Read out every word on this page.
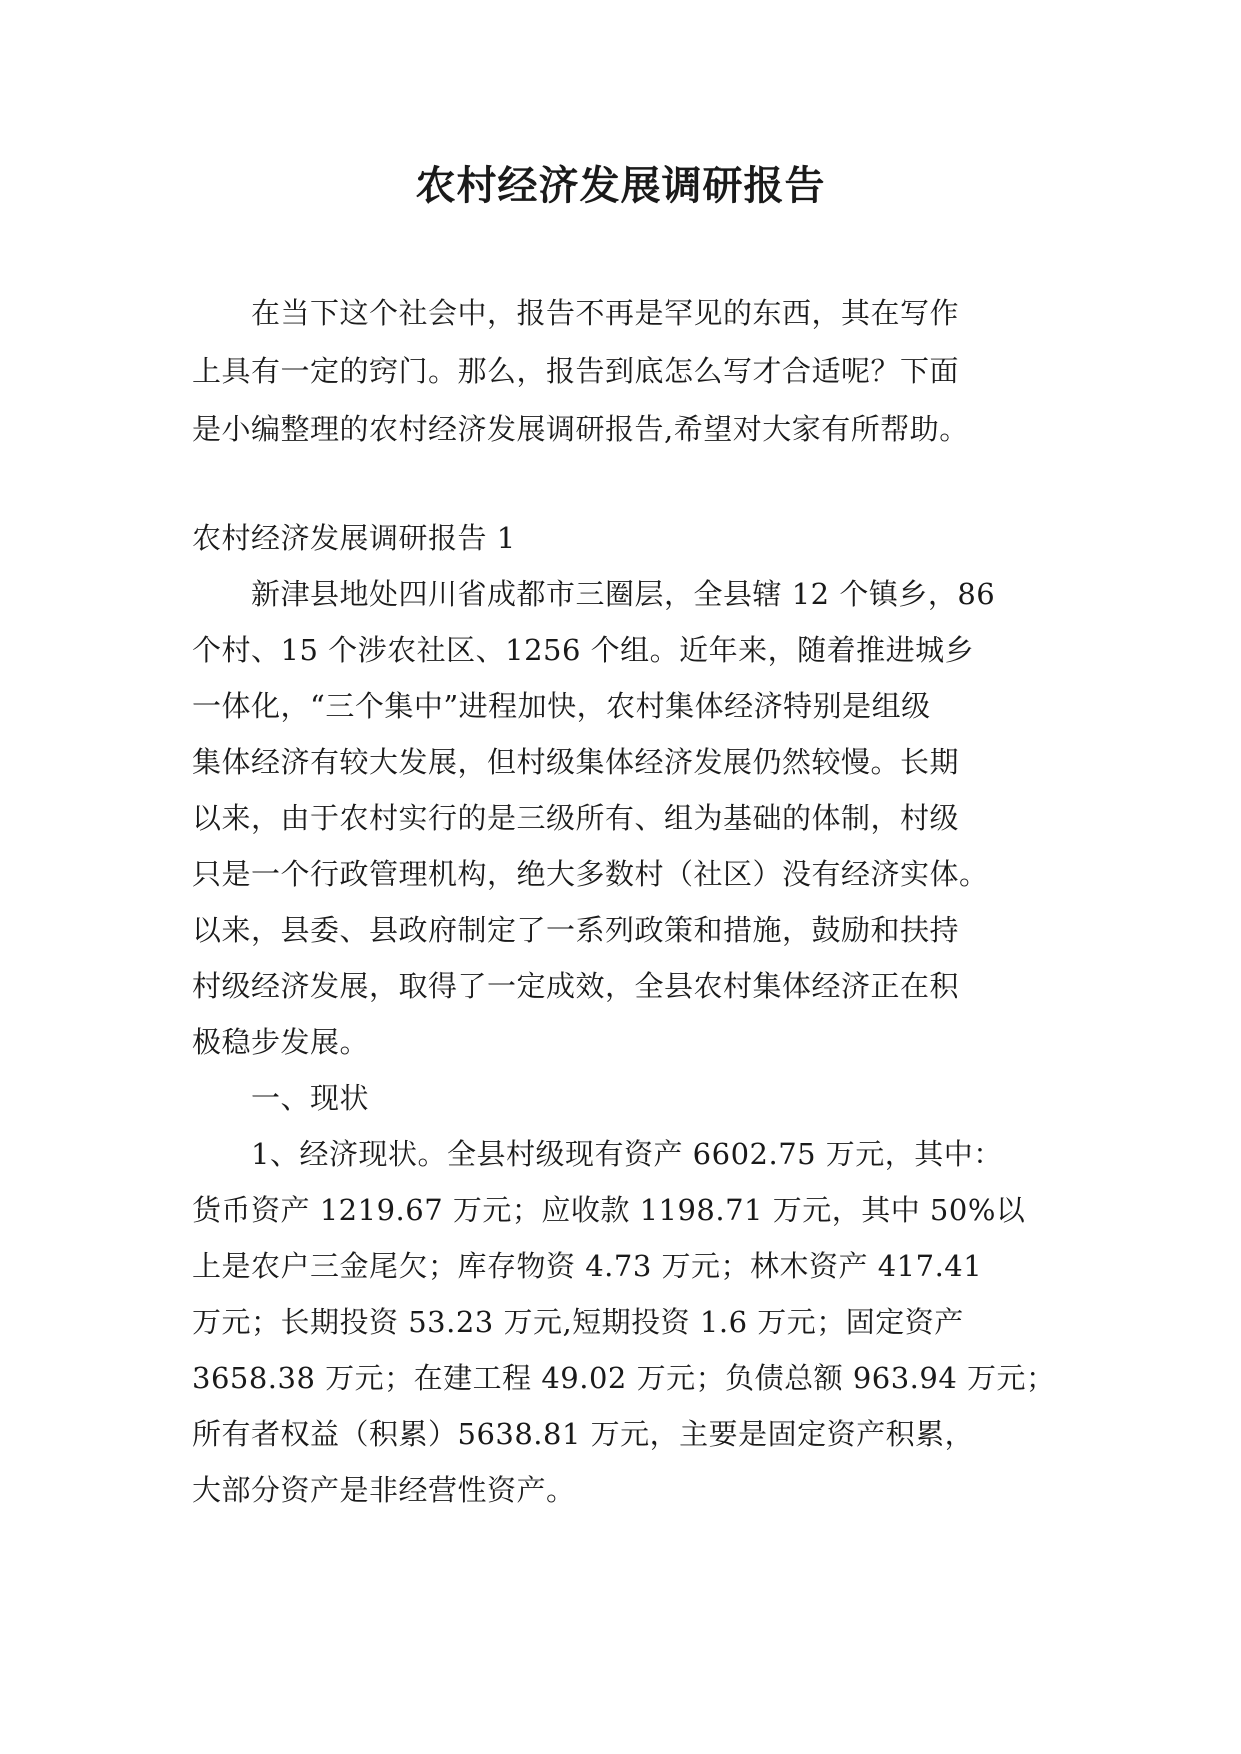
农村经济发展调研报告
　　在当下这个社会中，报告不再是罕见的东西，其在写作
上具有一定的窍门。那么，报告到底怎么写才合适呢？下面
是小编整理的农村经济发展调研报告,希望对大家有所帮助。
农村经济发展调研报告 1
　　新津县地处四川省成都市三圈层，全县辖 12 个镇乡，86
个村、15 个涉农社区、1256 个组。近年来，随着推进城乡
一体化，“三个集中”进程加快，农村集体经济特别是组级
集体经济有较大发展，但村级集体经济发展仍然较慢。长期
以来，由于农村实行的是三级所有、组为基础的体制，村级
只是一个行政管理机构，绝大多数村（社区）没有经济实体。
以来，县委、县政府制定了一系列政策和措施，鼓励和扶持
村级经济发展，取得了一定成效，全县农村集体经济正在积
极稳步发展。
　　一、现状
　　1、经济现状。全县村级现有资产 6602.75 万元，其中：
货币资产 1219.67 万元；应收款 1198.71 万元，其中 50%以
上是农户三金尾欠；库存物资 4.73 万元；林木资产 417.41
万元；长期投资 53.23 万元,短期投资 1.6 万元；固定资产
3658.38 万元；在建工程 49.02 万元；负债总额 963.94 万元；
所有者权益（积累）5638.81 万元，主要是固定资产积累，
大部分资产是非经营性资产。
